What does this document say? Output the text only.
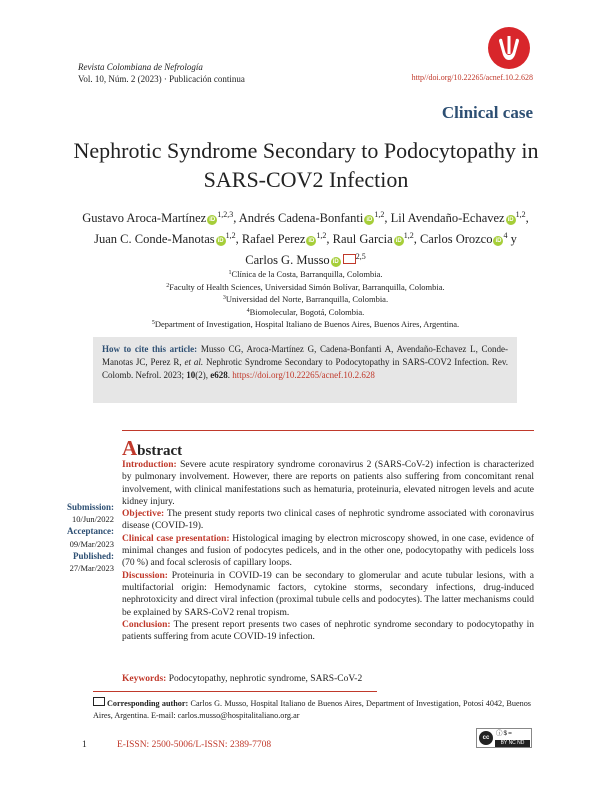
Revista Colombiana de Nefrología
Vol. 10, Núm. 2 (2023) · Publicación continua	http//doi.org/10.22265/acnef.10.2.628
Clinical case
Nephrotic Syndrome Secondary to Podocytopathy in SARS-COV2 Infection
Gustavo Aroca-Martínez iD$^{1,2,3}$, Andrés Cadena-Bonfanti iD$^{1,2}$, Lil Avendaño-Echavez iD$^{1,2}$, Juan C. Conde-Manotas iD$^{1,2}$, Rafael Perez iD$^{1,2}$, Raul Garcia iD$^{1,2}$, Carlos Orozco $iD^4$ y Carlos G. Musso iD$^{2,5}$
$^1$Clínica de la Costa, Barranquilla, Colombia.
$^2$Faculty of Health Sciences, Universidad Simón Bolívar, Barranquilla, Colombia.
$^3$Universidad del Norte, Barranquilla, Colombia.
$^4$Biomolecular, Bogotá, Colombia.
$^5$Department of Investigation, Hospital Italiano de Buenos Aires, Buenos Aires, Argentina.
How to cite this article: Musso CG, Aroca-Martínez G, Cadena-Bonfanti A, Avendaño-Echavez L, Conde-Manotas JC, Perez R, et al. Nephrotic Syndrome Secondary to Podocytopathy in SARS-COV2 Infection. Rev. Colomb. Nefrol. 2023; 10(2), e628. https://doi.org/10.22265/acnef.10.2.628
Abstract

Introduction: Severe acute respiratory syndrome coronavirus 2 (SARS-CoV-2) infection is characterized by pulmonary involvement. However, there are reports on patients also suffering from concomitant renal involvement, with clinical manifestations such as hematuria, proteinuria, elevated nitrogen levels and acute kidney injury.

Objective: The present study reports two clinical cases of nephrotic syndrome associated with coronavirus disease (COVID-19).

Clinical case presentation: Histological imaging by electron microscopy showed, in one case, evidence of minimal changes and fusion of podocytes pedicels, and in the other one, podocytopathy with pedicels loss (70 %) and focal sclerosis of capillary loops.

Discussion: Proteinuria in COVID-19 can be secondary to glomerular and acute tubular lesions, with a multifactorial origin: Hemodynamic factors, cytokine storms, secondary infections, drug-induced nephrotoxicity and direct viral infection (proximal tubule cells and podocytes). The latter mechanisms could be explained by SARS-CoV2 renal tropism.

Conclusion: The present report presents two cases of nephrotic syndrome secondary to podocytopathy in patients suffering from acute COVID-19 infection.

Submission:
10/Jun/2022
Acceptance:
09/Mar/2023
Published:
27/Mar/2023
Keywords: Podocytopathy, nephrotic syndrome, SARS-CoV-2
Corresponding author: Carlos G. Musso, Hospital Italiano de Buenos Aires, Department of Investigation, Potosí 4042, Buenos Aires, Argentina. E-mail: carlos.musso@hospitalitaliano.org.ar
1	E-ISSN: 2500-5006/L-ISSN: 2389-7708
cc
ⓘ$=
BY NC ND
